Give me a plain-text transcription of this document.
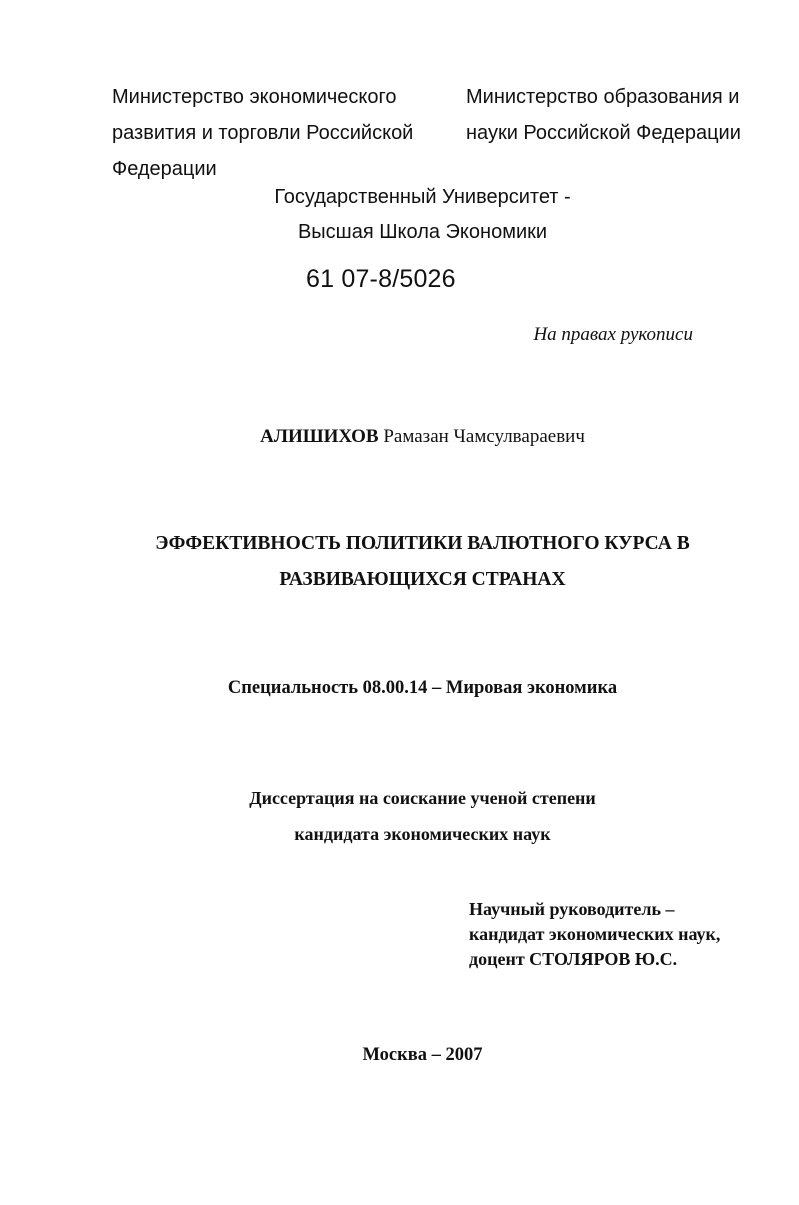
Министерство экономического
развития и торговли Российской
Федерации
Министерство образования и
науки Российской Федерации
Государственный Университет -
Высшая Школа Экономики
61 07-8/5026
На правах рукописи
АЛИШИХОВ Рамазан Чамсулвараевич
ЭФФЕКТИВНОСТЬ ПОЛИТИКИ ВАЛЮТНОГО КУРСА В
РАЗВИВАЮЩИХСЯ СТРАНАХ
Специальность 08.00.14 – Мировая экономика
Диссертация на соискание ученой степени
кандидата экономических наук
Научный руководитель –
кандидат экономических наук,
доцент СТОЛЯРОВ Ю.С.
Москва – 2007
